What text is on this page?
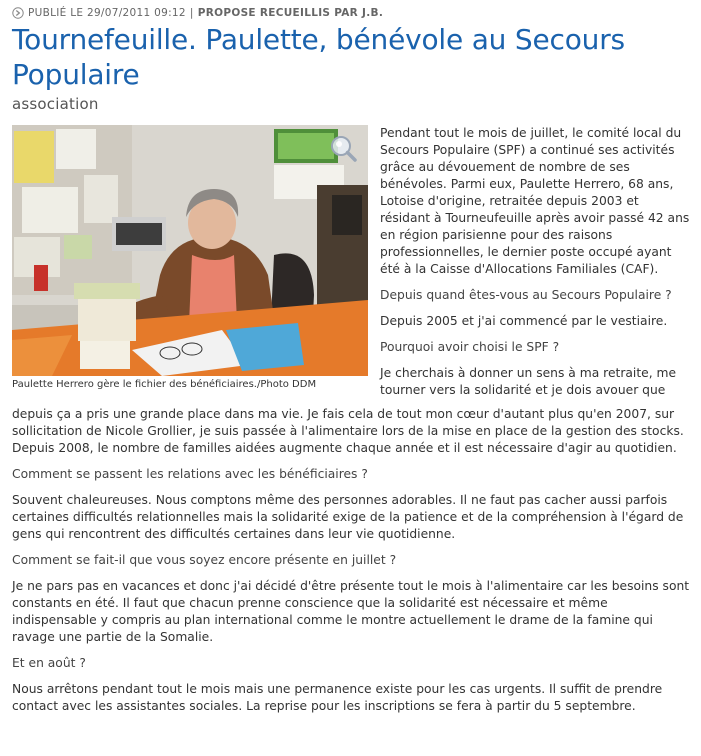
PUBLIÉ LE 29/07/2011 09:12 | PROPOSE RECUEILLIS PAR J.B.
Tournefeuille. Paulette, bénévole au Secours Populaire
association
Paulette Herrero gère le fichier des bénéficiaires./Photo DDM

Pendant tout le mois de juillet, le comité local du Secours Populaire (SPF) a continué ses activités grâce au dévouement de nombre de ses bénévoles. Parmi eux, Paulette Herrero, 68 ans, Lotoise d'origine, retraitée depuis 2003 et résidant à Tourneufeuille après avoir passé 42 ans en région parisienne pour des raisons professionnelles, le dernier poste occupé ayant été à la Caisse d'Allocations Familiales (CAF).

Depuis quand êtes-vous au Secours Populaire ?

Depuis 2005 et j'ai commencé par le vestiaire.

Pourquoi avoir choisi le SPF ?

Je cherchais à donner un sens à ma retraite, me tourner vers la solidarité et je dois avouer que

depuis ça a pris une grande place dans ma vie. Je fais cela de tout mon cœur d'autant plus qu'en 2007, sur sollicitation de Nicole Grollier, je suis passée à l'alimentaire lors de la mise en place de la gestion des stocks. Depuis 2008, le nombre de familles aidées augmente chaque année et il est nécessaire d'agir au quotidien.

Comment se passent les relations avec les bénéficiaires ?

Souvent chaleureuses. Nous comptons même des personnes adorables. Il ne faut pas cacher aussi parfois certaines difficultés relationnelles mais la solidarité exige de la patience et de la compréhension à l'égard de gens qui rencontrent des difficultés certaines dans leur vie quotidienne.

Comment se fait-il que vous soyez encore présente en juillet ?

Je ne pars pas en vacances et donc j'ai décidé d'être présente tout le mois à l'alimentaire car les besoins sont constants en été. Il faut que chacun prenne conscience que la solidarité est nécessaire et même indispensable y compris au plan international comme le montre actuellement le drame de la famine qui ravage une partie de la Somalie.

Et en août ?

Nous arrêtons pendant tout le mois mais une permanence existe pour les cas urgents. Il suffit de prendre contact avec les assistantes sociales. La reprise pour les inscriptions se fera à partir du 5 septembre.
